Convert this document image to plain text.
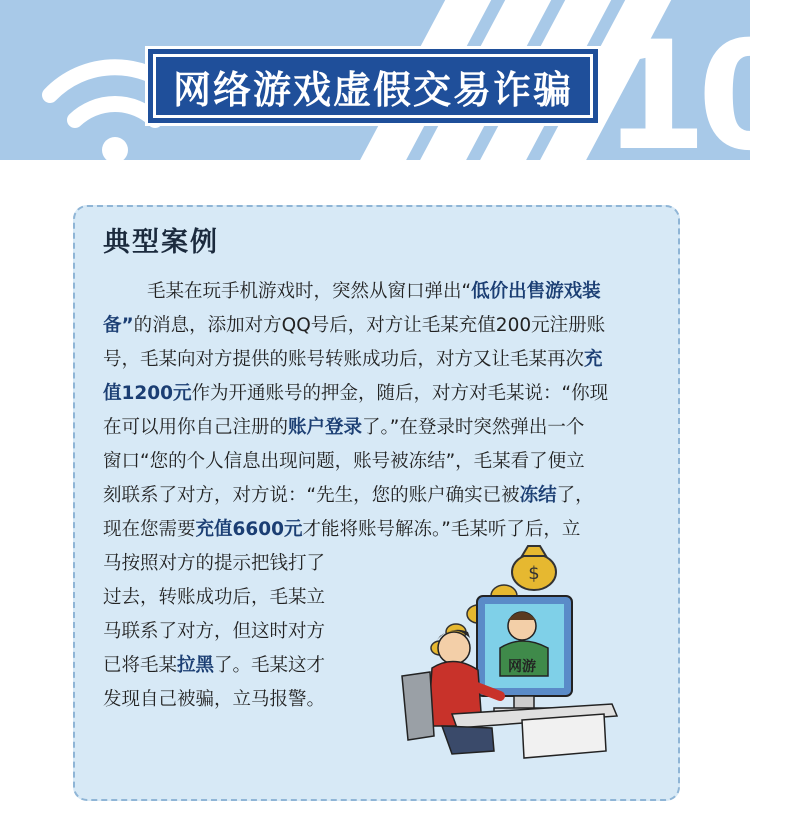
网络游戏虚假交易诈骗 10
典型案例
毛某在玩手机游戏时，突然从窗口弹出“低价出售游戏装
备”的消息，添加对方QQ号后，对方让毛某充值200元注册账
号，毛某向对方提供的账号转账成功后，对方又让毛某再次充
值1200元作为开通账号的押金，随后，对方对毛某说：“你现
在可以用你自己注册的账户登录了。”在登录时突然弹出一个
窗口“您的个人信息出现问题，账号被冻结”，毛某看了便立
刻联系了对方，对方说：“先生，您的账户确实已被冻结了，
现在您需要充值6600元才能将账号解冻。”毛某听了后，立
马按照对方的提示把钱打了
过去，转账成功后，毛某立
马联系了对方，但这时对方
已将毛某拉黑了。毛某这才
发现自己被骗，立马报警。
$
网游
